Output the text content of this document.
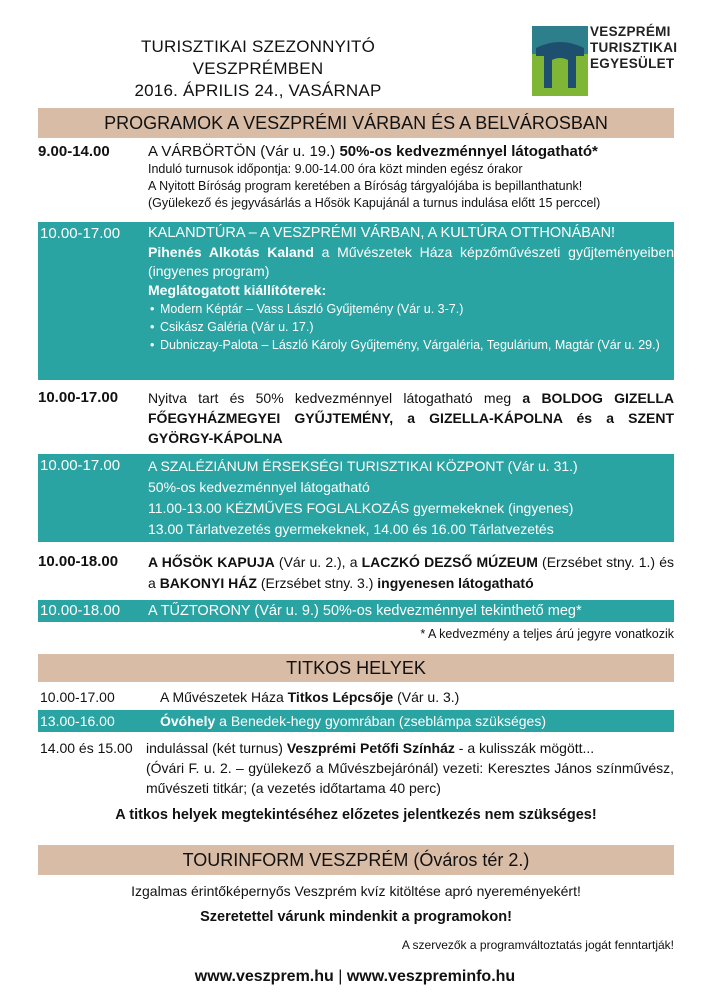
TURISZTIKAI SZEZONNYITÓ VESZPRÉMBEN
2016. ÁPRILIS 24., VASÁRNAP
VESZPRÉMI
TURISZTIKAI
EGYESÜLET
PROGRAMOK A VESZPRÉMI VÁRBAN ÉS A BELVÁROSBAN
9.00-14.00	A VÁRBÖRTÖN (Vár u. 19.) 50%-os kedvezménnyel látogatható*
Induló turnusok időpontja: 9.00-14.00 óra közt minden egész órakor
A Nyitott Bíróság program keretében a Bíróság tárgyalójába is bepillanthatunk!
(Gyülekező és jegyvásárlás a Hősök Kapujánál a turnus indulása előtt 15 perccel)
10.00-17.00	KALANDTÚRA – A VESZPRÉMI VÁRBAN, A KULTÚRA OTTHONÁBAN!
Pihenés Alkotás Kaland a Művészetek Háza képzőművészeti gyűjteményeiben (ingyenes program)
Meglátogatott kiállítóterek:
• Modern Képtár – Vass László Gyűjtemény (Vár u. 3-7.)
• Csikász Galéria (Vár u. 17.)
• Dubniczay-Palota – László Károly Gyűjtemény, Várgaléria, Tegulárium, Magtár (Vár u. 29.)
10.00-17.00	Nyitva tart és 50% kedvezménnyel látogatható meg a BOLDOG GIZELLA FŐEGYHÁZMEGYEI GYŰJTEMÉNY, a GIZELLA-KÁPOLNA és a SZENT GYÖRGY-KÁPOLNA
10.00-17.00	A SZALÉZIÁNUM ÉRSEKSÉGI TURISZTIKAI KÖZPONT (Vár u. 31.)
50%-os kedvezménnyel látogatható
11.00-13.00 KÉZMŰVES FOGLALKOZÁS gyermekeknek (ingyenes)
13.00 Tárlatvezetés gyermekeknek, 14.00 és 16.00 Tárlatvezetés
10.00-18.00	A HŐSÖK KAPUJA (Vár u. 2.), a LACZKÓ DEZSŐ MÚZEUM (Erzsébet stny. 1.) és a BAKONYI HÁZ (Erzsébet stny. 3.) ingyenesen látogatható
10.00-18.00	A TŰZTORONY (Vár u. 9.) 50%-os kedvezménnyel tekinthető meg*
* A kedvezmény a teljes árú jegyre vonatkozik
TITKOS HELYEK
10.00-17.00	A Művészetek Háza Titkos Lépcsője (Vár u. 3.)
13.00-16.00	Óvóhely a Benedek-hegy gyomrában (zseblámpa szükséges)
14.00 és 15.00 indulással (két turnus) Veszprémi Petőfi Színház - a kulisszák mögött...
(Óvári F. u. 2. – gyülekező a Művészbejárónál) vezeti: Keresztes János színművész, művészeti titkár; (a vezetés időtartama 40 perc)
A titkos helyek megtekintéséhez előzetes jelentkezés nem szükséges!
TOURINFORM VESZPRÉM (Óváros tér 2.)
Izgalmas érintőképernyős Veszprém kvíz kitöltése apró nyereményekért!
Szeretettel várunk mindenkit a programokon!
A szervezők a programváltoztatás jogát fenntartják!
www.veszprem.hu | www.veszpreminfo.hu
